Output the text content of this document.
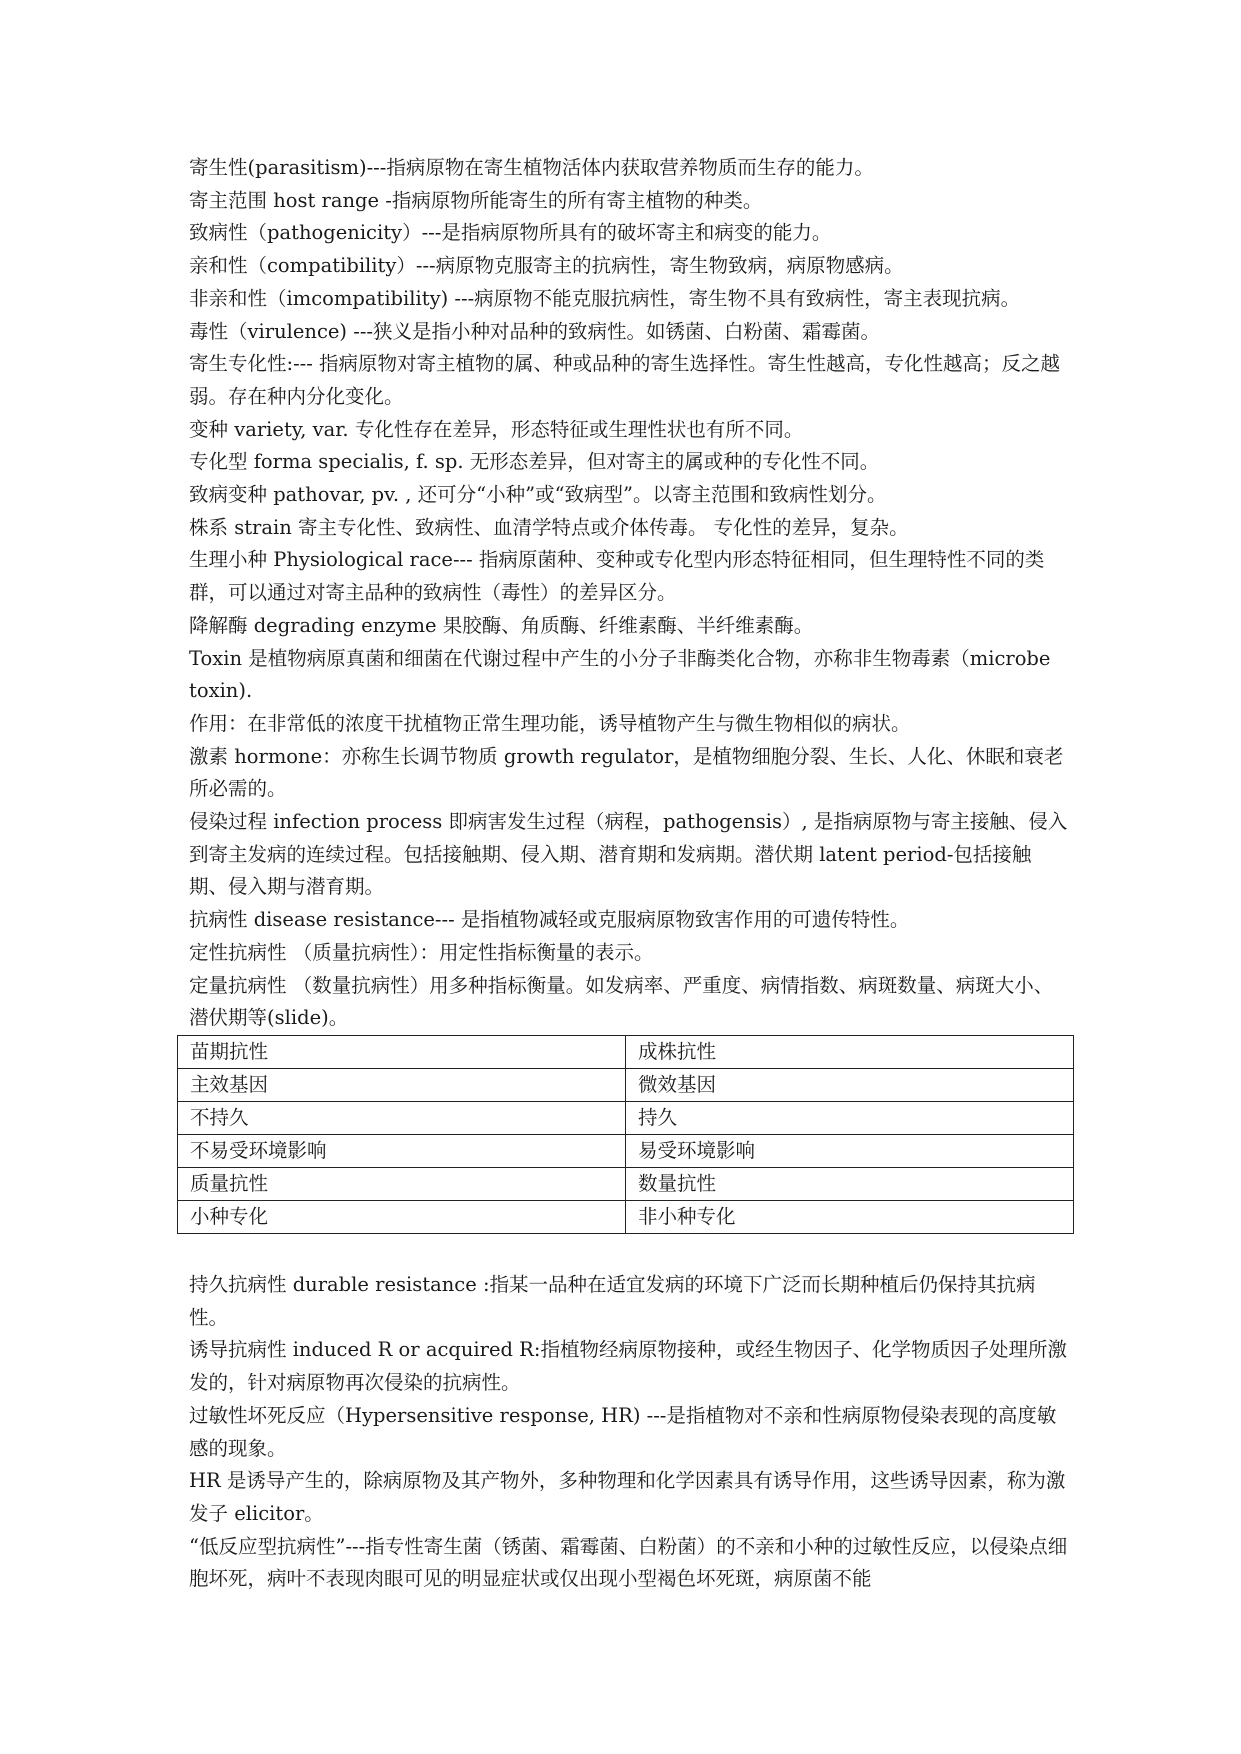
寄生性(parasitism)---指病原物在寄生植物活体内获取营养物质而生存的能力。

寄主范围 host range -指病原物所能寄生的所有寄主植物的种类。

致病性（pathogenicity）---是指病原物所具有的破坏寄主和病变的能力。

亲和性（compatibility）---病原物克服寄主的抗病性，寄生物致病，病原物感病。

非亲和性（imcompatibility) ---病原物不能克服抗病性，寄生物不具有致病性，寄主表现抗病。

毒性（virulence) ---狭义是指小种对品种的致病性。如锈菌、白粉菌、霜霉菌。

寄生专化性:--- 指病原物对寄主植物的属、种或品种的寄生选择性。寄生性越高，专化性越高；反之越弱。存在种内分化变化。

变种 variety, var. 专化性存在差异，形态特征或生理性状也有所不同。

专化型 forma specialis, f. sp. 无形态差异，但对寄主的属或种的专化性不同。

致病变种 pathovar, pv. , 还可分“小种”或“致病型”。以寄主范围和致病性划分。

株系 strain 寄主专化性、致病性、血清学特点或介体传毒。 专化性的差异，复杂。

生理小种 Physiological race--- 指病原菌种、变种或专化型内形态特征相同，但生理特性不同的类群，可以通过对寄主品种的致病性（毒性）的差异区分。

降解酶 degrading enzyme 果胶酶、角质酶、纤维素酶、半纤维素酶。

Toxin 是植物病原真菌和细菌在代谢过程中产生的小分子非酶类化合物，亦称非生物毒素（microbe toxin).

作用：在非常低的浓度干扰植物正常生理功能，诱导植物产生与微生物相似的病状。

激素 hormone：亦称生长调节物质 growth regulator，是植物细胞分裂、生长、人化、休眠和衰老所必需的。

侵染过程 infection process 即病害发生过程（病程，pathogensis）, 是指病原物与寄主接触、侵入到寄主发病的连续过程。包括接触期、侵入期、潜育期和发病期。潜伏期 latent period-包括接触期、侵入期与潜育期。

抗病性 disease resistance--- 是指植物减轻或克服病原物致害作用的可遗传特性。

定性抗病性 （质量抗病性）：用定性指标衡量的表示。

定量抗病性 （数量抗病性）用多种指标衡量。如发病率、严重度、病情指数、病斑数量、病斑大小、潜伏期等(slide)。

苗期抗性	成株抗性
主效基因	微效基因
不持久	持久
不易受环境影响	易受环境影响
质量抗性	数量抗性
小种专化	非小种专化

持久抗病性 durable resistance :指某一品种在适宜发病的环境下广泛而长期种植后仍保持其抗病性。

诱导抗病性 induced R or acquired R:指植物经病原物接种，或经生物因子、化学物质因子处理所激发的，针对病原物再次侵染的抗病性。

过敏性坏死反应（Hypersensitive response, HR) ---是指植物对不亲和性病原物侵染表现的高度敏感的现象。

HR 是诱导产生的，除病原物及其产物外，多种物理和化学因素具有诱导作用，这些诱导因素，称为激发子 elicitor。

“低反应型抗病性”---指专性寄生菌（锈菌、霜霉菌、白粉菌）的不亲和小种的过敏性反应，以侵染点细胞坏死，病叶不表现肉眼可见的明显症状或仅出现小型褐色坏死斑，病原菌不能
